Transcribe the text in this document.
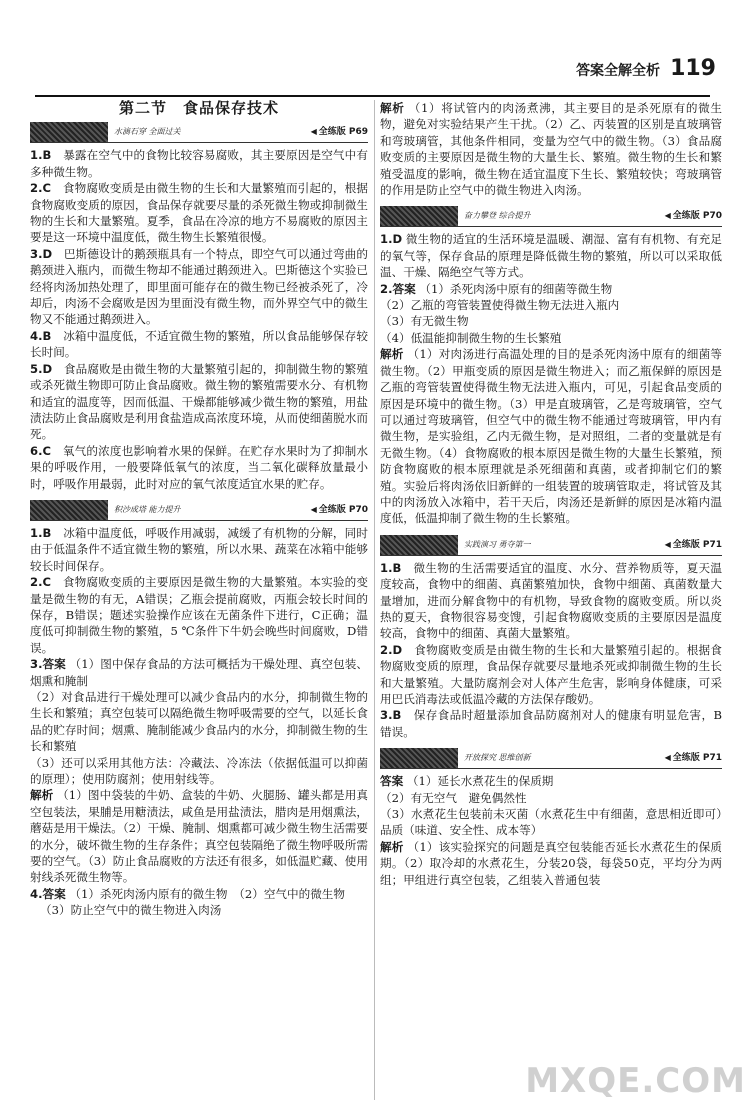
答案全解全析 119
第二节　食品保存技术
水滴石穿 全面过关	◀ 全练版 P69

1.B　 暴露在空气中的食物比较容易腐败，其主要原因是空气中有多种微生物。

2.C　 食物腐败变质是由微生物的生长和大量繁殖而引起的，根据食物腐败变质的原因，食品保存就要尽量的杀死微生物或抑制微生物的生长和大量繁殖。夏季，食品在冷凉的地方不易腐败的原因主要是这一环境中温度低，微生物生长繁殖很慢。

3.D　 巴斯德设计的鹅颈瓶具有一个特点，即空气可以通过弯曲的鹅颈进入瓶内，而微生物却不能通过鹅颈进入。巴斯德这个实验已经将肉汤加热处理了，即里面可能存在的微生物已经被杀死了，冷却后，肉汤不会腐败是因为里面没有微生物，而外界空气中的微生物又不能通过鹅颈进入。

4.B　 冰箱中温度低，不适宜微生物的繁殖，所以食品能够保存较长时间。

5.D　 食品腐败是由微生物的大量繁殖引起的，抑制微生物的繁殖或杀死微生物即可防止食品腐败。微生物的繁殖需要水分、有机物和适宜的温度等，因而低温、干燥都能够减少微生物的繁殖，用盐渍法防止食品腐败是利用食盐造成高浓度环境，从而使细菌脱水而死。

6.C　 氧气的浓度也影响着水果的保鲜。在贮存水果时为了抑制水果的呼吸作用，一般要降低氧气的浓度，当二氧化碳释放量最小时，呼吸作用最弱，此时对应的氧气浓度适宜水果的贮存。

积沙成塔 能力提升	◀ 全练版 P70

1.B　 冰箱中温度低，呼吸作用减弱，减缓了有机物的分解，同时由于低温条件不适宜微生物的繁殖，所以水果、蔬菜在冰箱中能够较长时间保存。

2.C　 食物腐败变质的主要原因是微生物的大量繁殖。本实验的变量是微生物的有无，A错误；乙瓶会提前腐败，丙瓶会较长时间的保存，B错误；题述实验操作应该在无菌条件下进行，C正确；温度低可抑制微生物的繁殖，5 ℃条件下牛奶会晚些时间腐败，D错误。

3.答案 （1）图中保存食品的方法可概括为干燥处理、真空包装、烟熏和腌制

（2）对食品进行干燥处理可以减少食品内的水分，抑制微生物的生长和繁殖；真空包装可以隔绝微生物呼吸需要的空气，以延长食品的贮存时间；烟熏、腌制能减少食品内的水分，抑制微生物的生长和繁殖

（3）还可以采用其他方法：冷藏法、冷冻法（依据低温可以抑菌的原理）；使用防腐剂；使用射线等。

解析 （1）图中袋装的牛奶、盒装的牛奶、火腿肠、罐头都是用真空包装法，果脯是用糖渍法，咸鱼是用盐渍法，腊肉是用烟熏法，蘑菇是用干燥法。（2）干燥、腌制、烟熏都可减少微生物生活需要的水分，破坏微生物的生存条件；真空包装隔绝了微生物呼吸所需要的空气。（3）防止食品腐败的方法还有很多，如低温贮藏、使用射线杀死微生物等。

4.答案 （1）杀死肉汤内原有的微生物　（2）空气中的微生物

（3）防止空气中的微生物进入肉汤

解析 （1）将试管内的肉汤煮沸，其主要目的是杀死原有的微生物，避免对实验结果产生干扰。（2）乙、丙装置的区别是直玻璃管和弯玻璃管，其他条件相同，变量为空气中的微生物。（3）食品腐败变质的主要原因是微生物的大量生长、繁殖。微生物的生长和繁殖受温度的影响，微生物在适宜温度下生长、繁殖较快；弯玻璃管的作用是防止空气中的微生物进入肉汤。

奋力攀登 综合提升	◀ 全练版 P70

1.D 微生物的适宜的生活环境是温暖、潮湿、富有有机物、有充足的氧气等，保存食品的原理是降低微生物的繁殖，所以可以采取低温、干燥、隔绝空气等方式。

2.答案 （1）杀死肉汤中原有的细菌等微生物

（2）乙瓶的弯管装置使得微生物无法进入瓶内

（3）有无微生物

（4）低温能抑制微生物的生长繁殖

解析 （1）对肉汤进行高温处理的目的是杀死肉汤中原有的细菌等微生物。（2）甲瓶变质的原因是微生物进入；而乙瓶保鲜的原因是乙瓶的弯管装置使得微生物无法进入瓶内，可见，引起食品变质的原因是环境中的微生物。（3）甲是直玻璃管，乙是弯玻璃管，空气可以通过弯玻璃管，但空气中的微生物不能通过弯玻璃管，甲内有微生物，是实验组，乙内无微生物，是对照组，二者的变量就是有无微生物。（4）食物腐败的根本原因是微生物的大量生长繁殖，预防食物腐败的根本原理就是杀死细菌和真菌，或者抑制它们的繁殖。实验后将肉汤依旧新鲜的一组装置的玻璃管取走，将试管及其中的肉汤放入冰箱中，若干天后，肉汤还是新鲜的原因是冰箱内温度低，低温抑制了微生物的生长繁殖。

实践演习 勇夺第一	◀ 全练版 P71

1.B　 微生物的生活需要适宜的温度、水分、营养物质等，夏天温度较高，食物中的细菌、真菌繁殖加快，食物中细菌、真菌数量大量增加，进而分解食物中的有机物，导致食物的腐败变质。所以炎热的夏天，食物很容易变馊，引起食物腐败变质的主要原因是温度较高，食物中的细菌、真菌大量繁殖。

2.D　 食物腐败变质是由微生物的生长和大量繁殖引起的。根据食物腐败变质的原理，食品保存就要尽量地杀死或抑制微生物的生长和大量繁殖。大量防腐剂会对人体产生危害，影响身体健康，可采用巴氏消毒法或低温冷藏的方法保存酸奶。

3.B　 保存食品时超量添加食品防腐剂对人的健康有明显危害，B错误。

开放探究 思维创新	◀ 全练版 P71

答案 （1）延长水煮花生的保质期

（2）有无空气　避免偶然性

（3）水煮花生包装前未灭菌（水煮花生中有细菌，意思相近即可）　品质（味道、安全性、成本等）

解析 （1）该实验探究的问题是真空包装能否延长水煮花生的保质期。（2）取冷却的水煮花生，分装20袋，每袋50克，平均分为两组；甲组进行真空包装，乙组装入普通包装

MXQE.COM
